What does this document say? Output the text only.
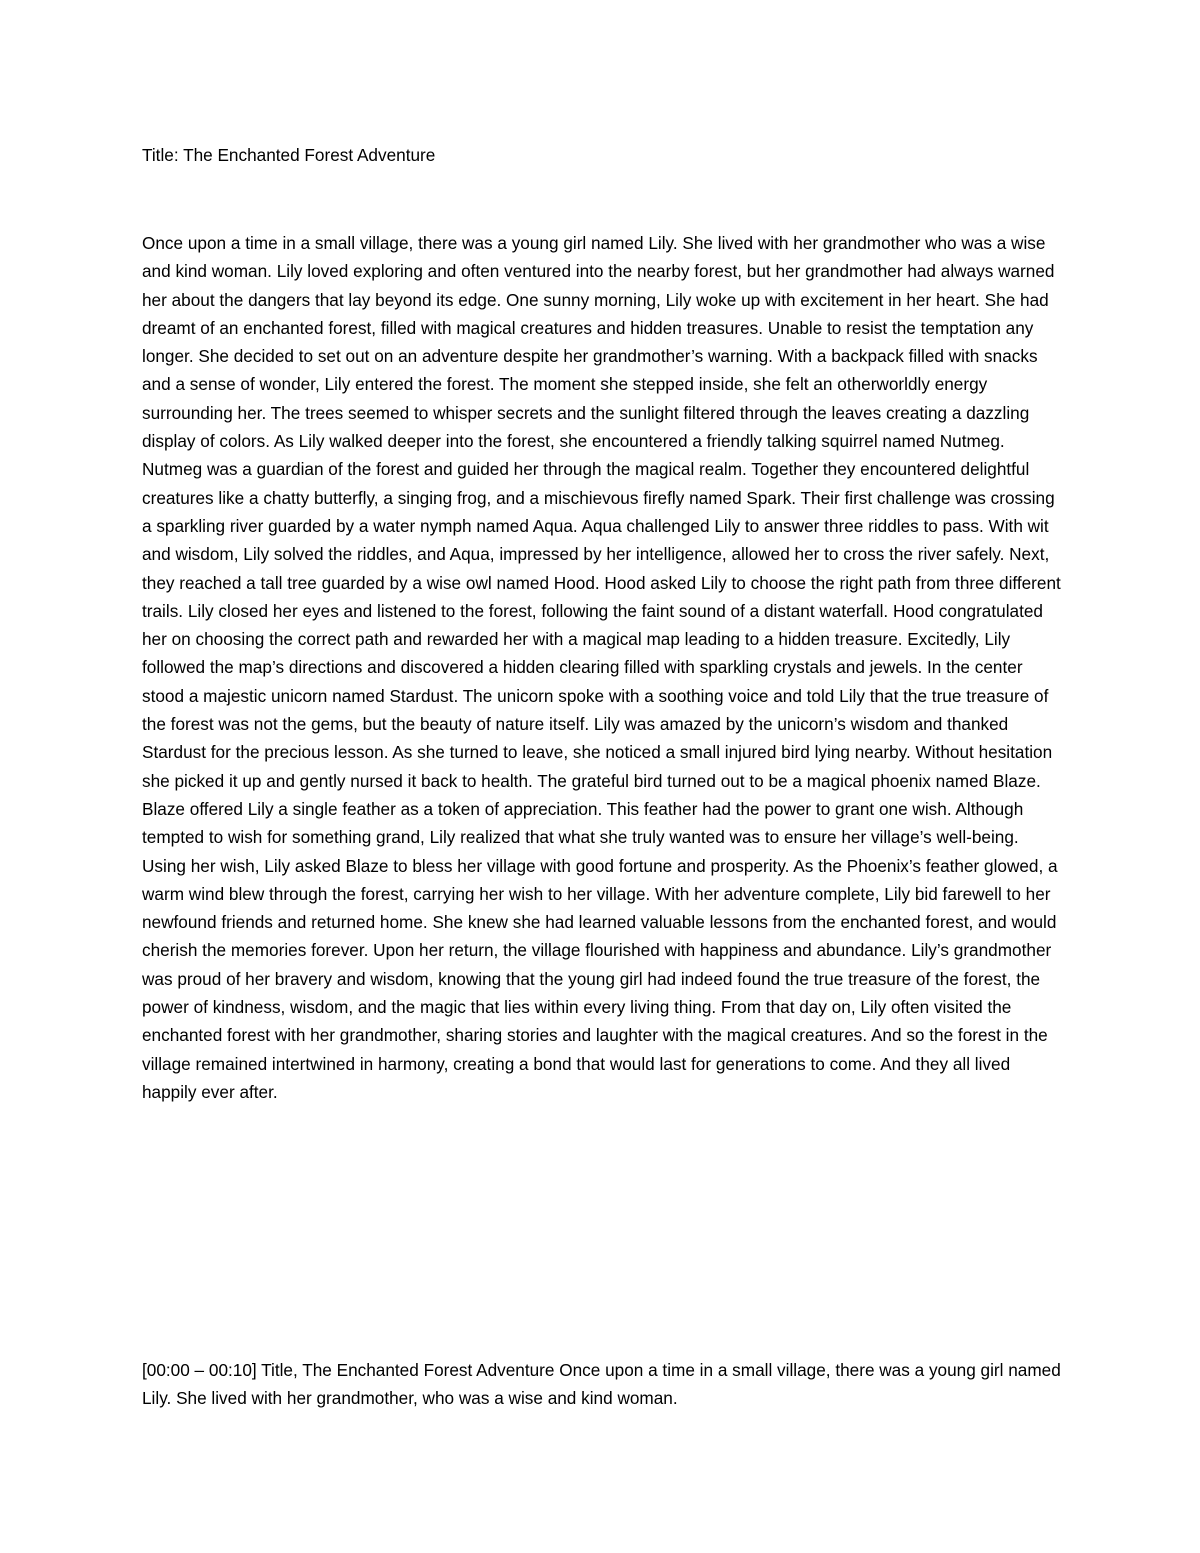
Title: The Enchanted Forest Adventure

Once upon a time in a small village, there was a young girl named Lily. She lived with her grandmother who was a wise and kind woman. Lily loved exploring and often ventured into the nearby forest, but her grandmother had always warned her about the dangers that lay beyond its edge. One sunny morning, Lily woke up with excitement in her heart. She had dreamt of an enchanted forest, filled with magical creatures and hidden treasures. Unable to resist the temptation any longer. She decided to set out on an adventure despite her grandmother’s warning. With a backpack filled with snacks and a sense of wonder, Lily entered the forest. The moment she stepped inside, she felt an otherworldly energy surrounding her. The trees seemed to whisper secrets and the sunlight filtered through the leaves creating a dazzling display of colors. As Lily walked deeper into the forest, she encountered a friendly talking squirrel named Nutmeg. Nutmeg was a guardian of the forest and guided her through the magical realm. Together they encountered delightful creatures like a chatty butterfly, a singing frog, and a mischievous firefly named Spark. Their first challenge was crossing a sparkling river guarded by a water nymph named Aqua. Aqua challenged Lily to answer three riddles to pass. With wit and wisdom, Lily solved the riddles, and Aqua, impressed by her intelligence, allowed her to cross the river safely. Next, they reached a tall tree guarded by a wise owl named Hood. Hood asked Lily to choose the right path from three different trails. Lily closed her eyes and listened to the forest, following the faint sound of a distant waterfall. Hood congratulated her on choosing the correct path and rewarded her with a magical map leading to a hidden treasure. Excitedly, Lily followed the map’s directions and discovered a hidden clearing filled with sparkling crystals and jewels. In the center stood a majestic unicorn named Stardust. The unicorn spoke with a soothing voice and told Lily that the true treasure of the forest was not the gems, but the beauty of nature itself. Lily was amazed by the unicorn’s wisdom and thanked Stardust for the precious lesson. As she turned to leave, she noticed a small injured bird lying nearby. Without hesitation she picked it up and gently nursed it back to health. The grateful bird turned out to be a magical phoenix named Blaze. Blaze offered Lily a single feather as a token of appreciation. This feather had the power to grant one wish. Although tempted to wish for something grand, Lily realized that what she truly wanted was to ensure her village’s well-being. Using her wish, Lily asked Blaze to bless her village with good fortune and prosperity. As the Phoenix’s feather glowed, a warm wind blew through the forest, carrying her wish to her village. With her adventure complete, Lily bid farewell to her newfound friends and returned home. She knew she had learned valuable lessons from the enchanted forest, and would cherish the memories forever. Upon her return, the village flourished with happiness and abundance. Lily’s grandmother was proud of her bravery and wisdom, knowing that the young girl had indeed found the true treasure of the forest, the power of kindness, wisdom, and the magic that lies within every living thing. From that day on, Lily often visited the enchanted forest with her grandmother, sharing stories and laughter with the magical creatures. And so the forest in the village remained intertwined in harmony, creating a bond that would last for generations to come. And they all lived happily ever after.

[00:00 – 00:10] Title, The Enchanted Forest Adventure Once upon a time in a small village, there was a young girl named Lily. She lived with her grandmother, who was a wise and kind woman.
